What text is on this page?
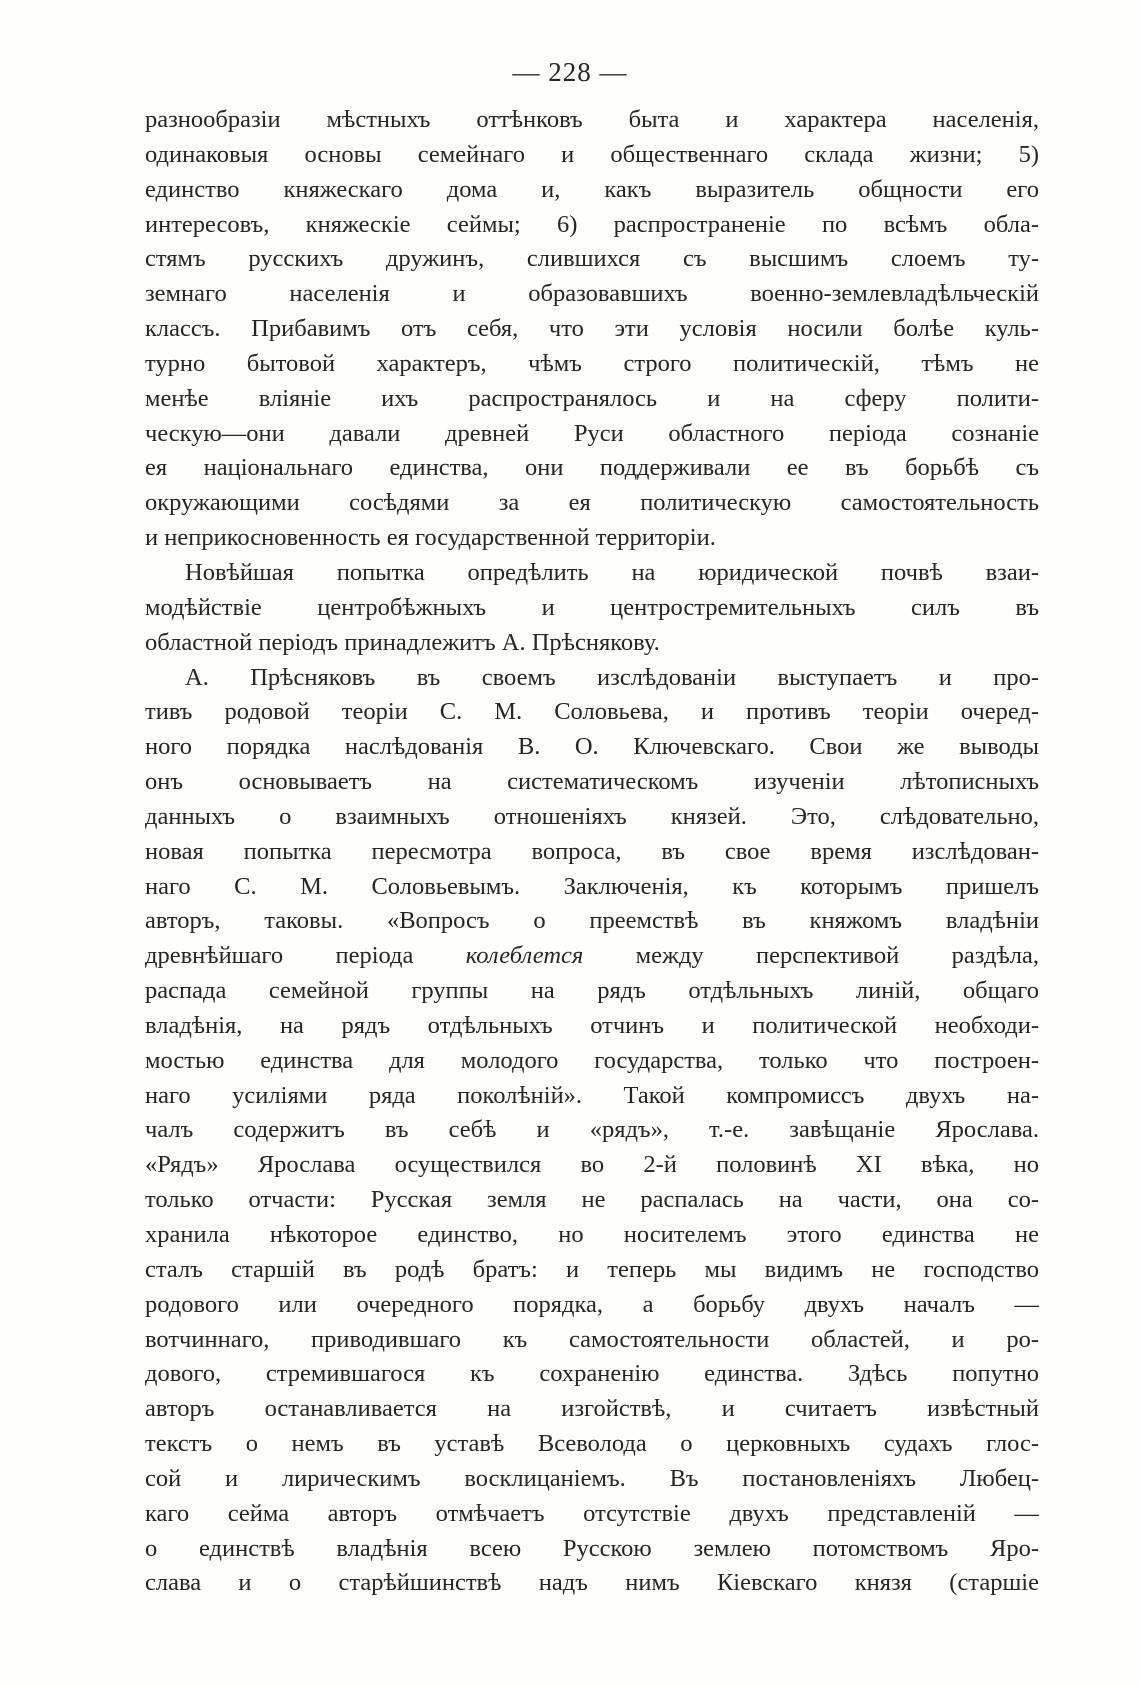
— 228 —

разнообразіи мѣстныхъ оттѣнковъ быта и характера населенія,
одинаковыя основы семейнаго и общественнаго склада жизни; 5)
единство княжескаго дома и, какъ выразитель общности его
интересовъ, княжескіе сеймы; 6) распространеніе по всѣмъ обла-
стямъ русскихъ дружинъ, слившихся съ высшимъ слоемъ ту-
земнаго населенія и образовавшихъ военно-землевладѣльческій
классъ. Прибавимъ отъ себя, что эти условія носили болѣе куль-
турно бытовой характеръ, чѣмъ строго политическій, тѣмъ не
менѣе вліяніе ихъ распространялось и на сферу полити-
ческую—они давали древней Руси областного періода сознаніе
ея національнаго единства, они поддерживали ее въ борьбѣ съ
окружающими сосѣдями за ея политическую самостоятельность
и неприкосновенность ея государственной территоріи.

Новѣйшая попытка опредѣлить на юридической почвѣ взаи-
модѣйствіе центробѣжныхъ и центростремительныхъ силъ въ
областной періодъ принадлежитъ А. Прѣснякову.

А. Прѣсняковъ въ своемъ изслѣдованіи выступаетъ и про-
тивъ родовой теоріи С. М. Соловьева, и противъ теоріи очеред-
ного порядка наслѣдованія В. О. Ключевскаго. Свои же выводы
онъ основываетъ на систематическомъ изученіи лѣтописныхъ
данныхъ о взаимныхъ отношеніяхъ князей. Это, слѣдовательно,
новая попытка пересмотра вопроса, въ свое время изслѣдован-
наго С. М. Соловьевымъ. Заключенія, къ которымъ пришелъ
авторъ, таковы. «Вопросъ о преемствѣ въ княжомъ владѣніи
древнѣйшаго періода колеблется между перспективой раздѣла,
распада семейной группы на рядъ отдѣльныхъ линій, общаго
владѣнія, на рядъ отдѣльныхъ отчинъ и политической необходи-
мостью единства для молодого государства, только что построен-
наго усиліями ряда поколѣній». Такой компромиссъ двухъ на-
чалъ содержитъ въ себѣ и «рядъ», т.-е. завѣщаніе Ярослава.
«Рядъ» Ярослава осуществился во 2-й половинѣ XI вѣка, но
только отчасти: Русская земля не распалась на части, она со-
хранила нѣкоторое единство, но носителемъ этого единства не
сталъ старшій въ родѣ братъ: и теперь мы видимъ не господство
родового или очередного порядка, а борьбу двухъ началъ —
вотчиннаго, приводившаго къ самостоятельности областей, и ро-
дового, стремившагося къ сохраненію единства. Здѣсь попутно
авторъ останавливается на изгойствѣ, и считаетъ извѣстный
текстъ о немъ въ уставѣ Всеволода о церковныхъ судахъ глос-
сой и лирическимъ восклицаніемъ. Въ постановленіяхъ Любец-
каго сейма авторъ отмѣчаетъ отсутствіе двухъ представленій —
о единствѣ владѣнія всею Русскою землею потомствомъ Яро-
слава и о старѣйшинствѣ надъ нимъ Кіевскаго князя (старшіе
